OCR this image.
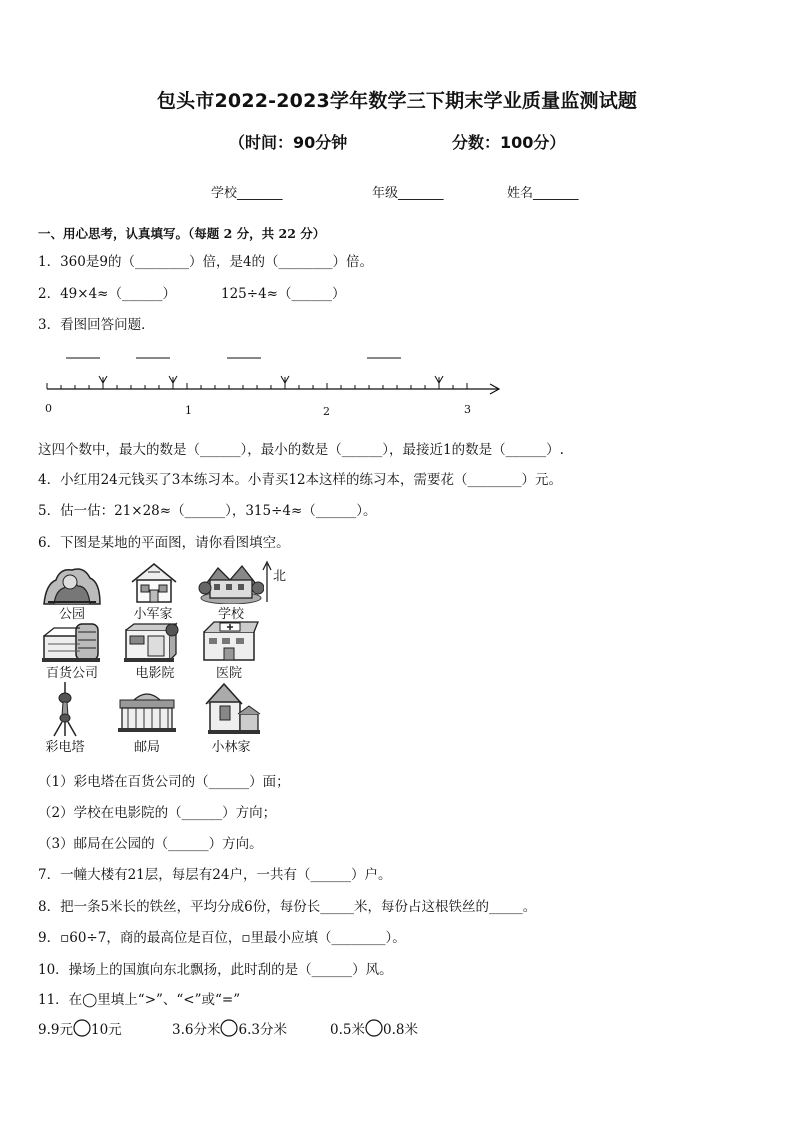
包头市2022-2023学年数学三下期末学业质量监测试题
（时间：90分钟	分数：100分）
学校_______	年级_______	姓名_______
一、用心思考，认真填写。（每题 2 分，共 22 分）
1．360是9的（________）倍，是4的（________）倍。
2．49×4≈（______）	125÷4≈（______）
3．看图回答问题．
0	1	2	3
这四个数中，最大的数是（______），最小的数是（______），最接近1的数是（______）.
4．小红用24元钱买了3本练习本。小青买12本这样的练习本，需要花（________）元。
5．估一估：21×28≈（______），315÷4≈（______）。
6．下图是某地的平面图，请你看图填空。
公园	小军家	学校
北
百货公司	电影院	医院
彩电塔	邮局	小林家
（1）彩电塔在百货公司的（______）面；
（2）学校在电影院的（______）方向；
（3）邮局在公园的（______）方向。
7．一幢大楼有21层，每层有24户，一共有（______）户。
8．把一条5米长的铁丝，平均分成6份，每份长_____米，每份占这根铁丝的_____。
9．▫60÷7，商的最高位是百位，▫里最小应填（________）。
10．操场上的国旗向东北飘扬，此时刮的是（______）风。
11．在◯里填上“>”、“<”或“=”
9.9元 10元	3.6分米 6.3分米	0.5米 0.8米
